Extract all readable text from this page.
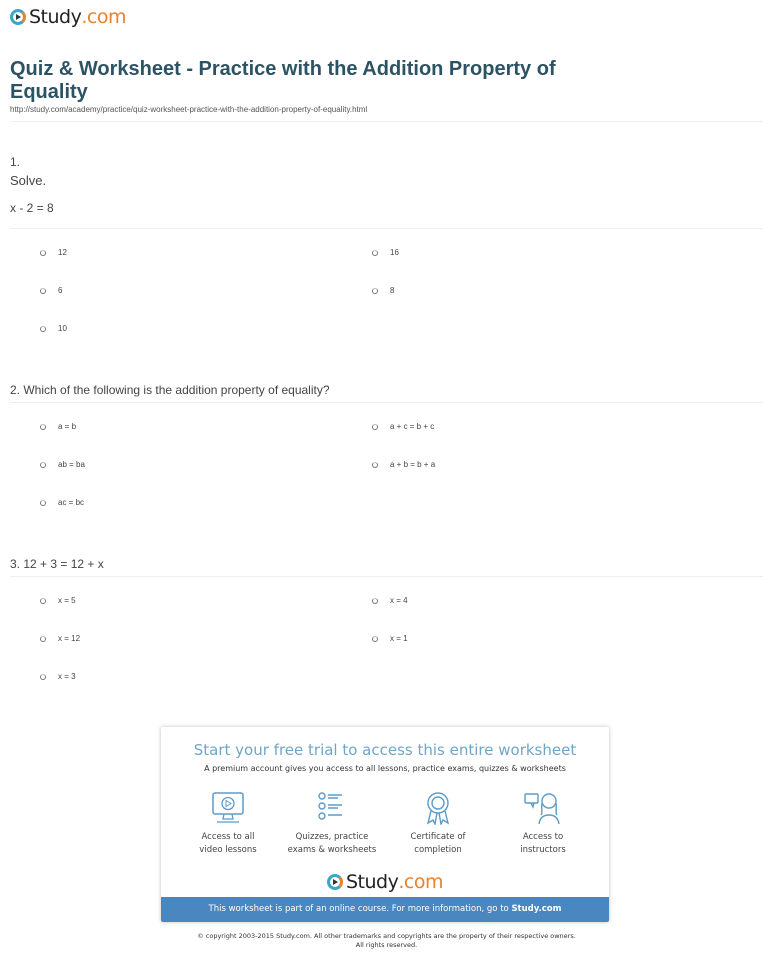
Study .com
Quiz & Worksheet - Practice with the Addition Property of Equality
http://study.com/academy/practice/quiz-worksheet-practice-with-the-addition-property-of-equality.html
1.
Solve.
x - 2 = 8
12	16
6	8
10
2. Which of the following is the addition property of equality?
a = b	a + c = b + c
ab = ba	a + b = b + a
ac = bc
3. 12 + 3 = 12 + x
x = 5	x = 4
x = 12	x = 1
x = 3
Start your free trial to access this entire worksheet
A premium account gives you access to all lessons, practice exams, quizzes & worksheets
Access to all
video lessons
Quizzes, practice
exams & worksheets
Certificate of
completion
Access to
instructors
Study .com
This worksheet is part of an online course. For more information, go to Study.com
© copyright 2003-2015 Study.com. All other trademarks and copyrights are the property of their respective owners.
All rights reserved.
